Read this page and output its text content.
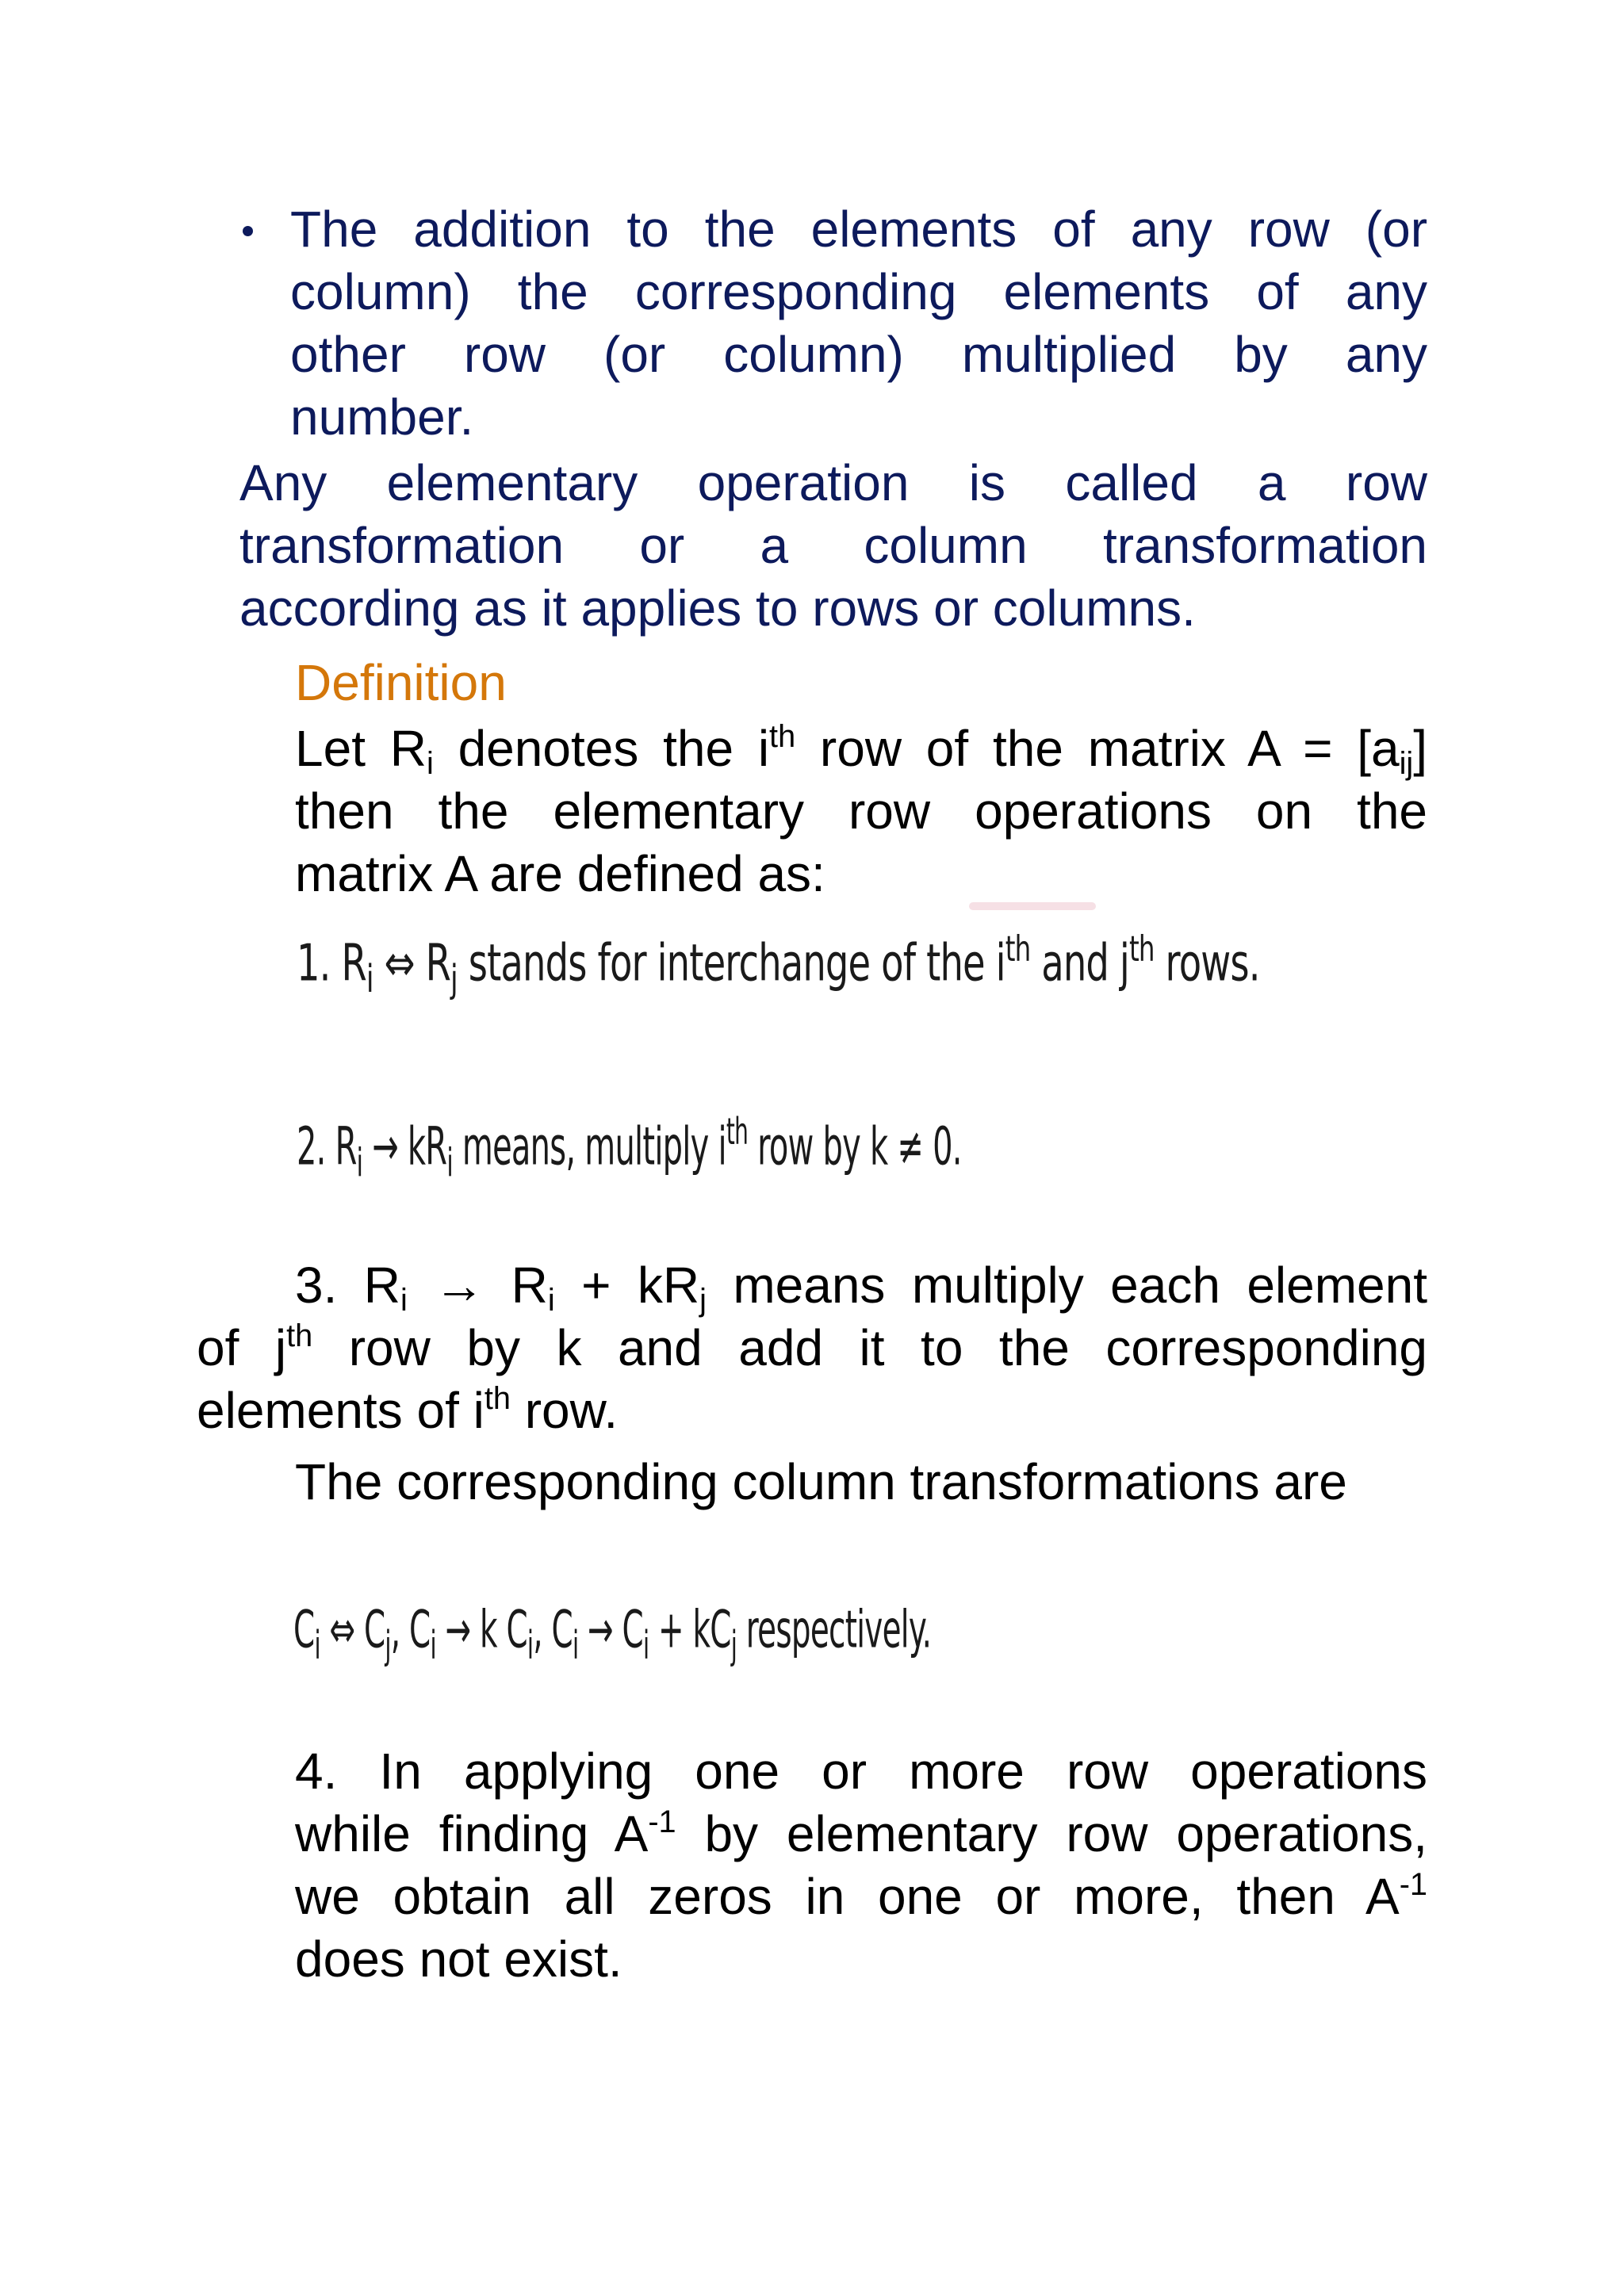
The addition to the elements of any row (or
column) the corresponding elements of any
other row (or column) multiplied by any
number.
Any elementary operation is called a row
transformation or a column transformation
according as it applies to rows or columns.
Definition
Let $R_i$ denotes the $i^{th}$ row of the matrix $A = [a_{ij}]$
then the elementary row operations on the
matrix A are defined as:
1. $R_i$ ⇔ $R_j$ stands for interchange of the $i^{th}$ and $j^{th}$ rows.
2. $R_i \to kR_i$ means, multiply $i^{th}$ row by k ≠ 0.
3. $R_i \to R_i + kR_j$ means multiply each element
of $j^{th}$ row by k and add it to the corresponding
elements of $i^{th}$ row.
The corresponding column transformations are
$C_i$ ⇔ $C_j$, $C_i \to k$ $C_i$, $C_i \to C_i + kC_j$ respectively.
4. In applying one or more row operations
while finding $A^{-1}$ by elementary row operations,
we obtain all zeros in one or more, then $A^{-1}$
does not exist.
